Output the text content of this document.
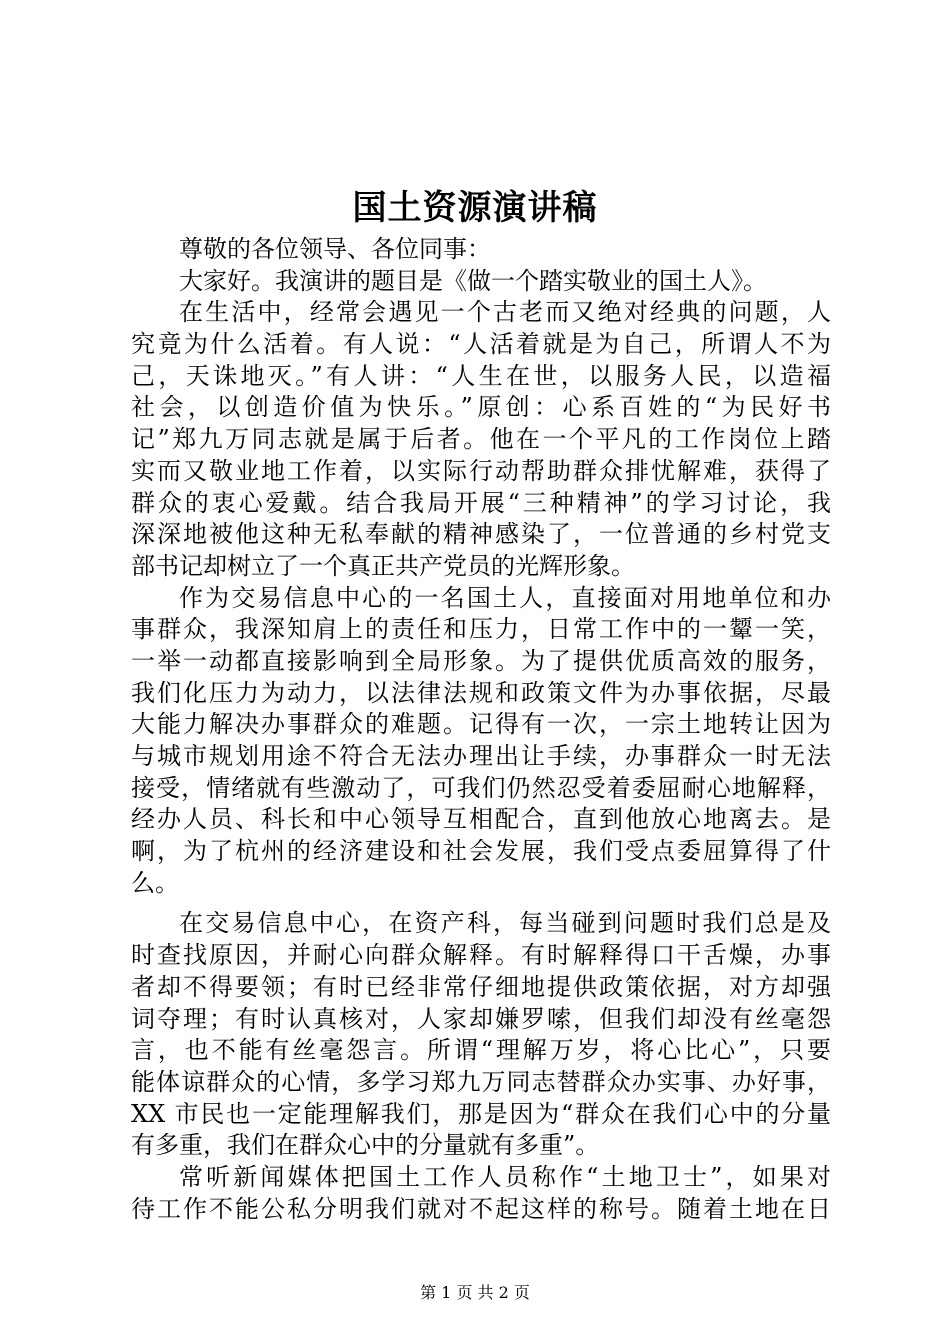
国土资源演讲稿
尊敬的各位领导、各位同事：
大家好。我演讲的题目是《做一个踏实敬业的国土人》。
在生活中，经常会遇见一个古老而又绝对经典的问题，人
究竟为什么活着。有人说：“人活着就是为自己，所谓人不为
己，天诛地灭。”有人讲：“人生在世，以服务人民，以造福
社会，以创造价值为快乐。”原创：心系百姓的“为民好书
记”郑九万同志就是属于后者。他在一个平凡的工作岗位上踏
实而又敬业地工作着，以实际行动帮助群众排忧解难，获得了
群众的衷心爱戴。结合我局开展“三种精神”的学习讨论，我
深深地被他这种无私奉献的精神感染了，一位普通的乡村党支
部书记却树立了一个真正共产党员的光辉形象。
作为交易信息中心的一名国土人，直接面对用地单位和办
事群众，我深知肩上的责任和压力，日常工作中的一颦一笑，
一举一动都直接影响到全局形象。为了提供优质高效的服务，
我们化压力为动力，以法律法规和政策文件为办事依据，尽最
大能力解决办事群众的难题。记得有一次，一宗土地转让因为
与城市规划用途不符合无法办理出让手续，办事群众一时无法
接受，情绪就有些激动了，可我们仍然忍受着委屈耐心地解释，
经办人员、科长和中心领导互相配合，直到他放心地离去。是
啊，为了杭州的经济建设和社会发展，我们受点委屈算得了什
么。
在交易信息中心，在资产科，每当碰到问题时我们总是及
时查找原因，并耐心向群众解释。有时解释得口干舌燥，办事
者却不得要领；有时已经非常仔细地提供政策依据，对方却强
词夺理；有时认真核对，人家却嫌罗嗦，但我们却没有丝毫怨
言，也不能有丝毫怨言。所谓“理解万岁，将心比心”，只要
能体谅群众的心情，多学习郑九万同志替群众办实事、办好事，
XX 市民也一定能理解我们，那是因为“群众在我们心中的分量
有多重，我们在群众心中的分量就有多重”。
常听新闻媒体把国土工作人员称作“土地卫士”，如果对
待工作不能公私分明我们就对不起这样的称号。随着土地在日
第 1 页 共 2 页
